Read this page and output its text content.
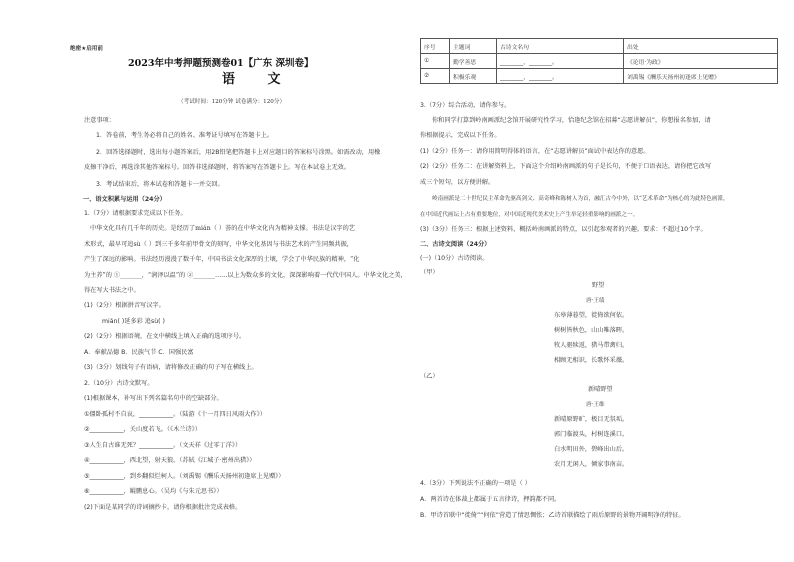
绝密★启用前
2023年中考押题预测卷01【广东 深圳卷】
语 文
（考试时间：120分钟 试卷满分：120分）
注意事项：
1．答卷前，考生务必将自己的姓名、准考证号填写在答题卡上。
2．回答选择题时，选出每小题答案后，用2B铅笔把答题卡上对应题目的答案标号涂黑。如需改动，用橡
皮擦干净后，再选涂其他答案标号。回答非选择题时，将答案写在答题卡上。写在本试卷上无效。
3．考试结束后，将本试卷和答题卡一并交回。
一、语文积累与运用（24分）
1.（7分）请根据要求完成以下任务。
中华文化具有几千年的历史。是经历了mián（ ）荟的在中华文化内为精神支撑。书法是汉字的艺
术形式，最早可追sù（ ）到三千多年前甲骨文的刻写，中华文化基因与书法艺术的产生同频共振，
产生了深远的影响。书法经历漫漫了数千年，中国书法文化深厚的土壤，学会了中华民族的精神，“化
为主养”的 ①_______，“润泽以温”的 ②_______……以上为数众多的文化，深深影响着一代代中国人。中华文化之美，
得在写大书法之中。
(1)（2分）根据拼音写汉字。
mián( )延多彩 追sù( )
(2)（2分）根据语境，在文中横线上填入正确的选项序号。
A．奉献品德 B．民族气节 C．国强民富
(3)（3分）划线句子有语病，请将修改正确的句子写在横线上。
2.（10分）古诗文默写。
(1)根据课本，补写出下列名篇名句中的空缺部分。
①僵卧孤村不自哀，___________。（陆游《十一月四日风雨大作》）
②___________，关山度若飞。（《木兰诗》）
③人生自古谁无死？___________。（文天祥《过零丁洋》）
④___________，西北望，射天狼。（苏轼《江城子·密州出猎》）
⑤___________，到乡翻似烂柯人。（刘禹锡《酬乐天扬州初逢席上见赠》）
⑥___________，鲲鹏息心。（吴均《与朱元思书》）
(2)下面是某同学的诗词摘抄卡，请你根据批注完成表格。
序号	主题词	古诗文名句	出处
①	勤学善思	________，________。	《论语·为政》
②	积极乐观	________，________。	刘禹锡《酬乐天扬州初逢席上见赠》
3.（7分）综合活动，请你参与。
你和同学打算到岭南画派纪念馆开展研究性学习，恰逢纪念馆在招募“志愿讲解员”，你想报名参加，请
你根据提示，完成以下任务。
(1)（2分）任务一：请你用简明得体的语言，在“志愿讲解员”面试中表达你的意愿。
(2)（2分）任务二：在讲解资料上，下面这个介绍岭南画派的句子是长句，不便于口语表达，请你把它改写
成三个短句，以方便讲解。
岭南画派是二十世纪民主革命先驱高剑父、高奇峰和陈树人为首，融汇古今中外，以“艺术革命”为核心的为此特色画派，
在中国近代画坛上占有重要地位，对中国近现代美术史上产生举足轻重影响的画派之一。
(3)（3分）任务三：根据上述资料，概括岭南画派的特点，以引起参观者的兴趣。要求：不超过10个字。
二、古诗文阅读（24分）
(一)（10分）古诗阅读。
（甲）
野望
唐·王绩
东皋薄暮望，徙倚欲何依。
树树皆秋色，山山唯落晖。
牧人驱犊返，猎马带禽归。
相顾无相识，长歌怀采薇。
（乙）
新晴野望
唐·王维
新晴原野旷，极目无氛垢。
郭门临渡头，村树连溪口。
白水明田外，碧峰出山后。
农月无闲人，倾家事南亩。
4.（3分）下列说法不正确的一项是（ ）
A．两首诗在体裁上都属于五言律诗，押韵都不同。
B．甲诗首联中“徙倚”“何依”营造了情思惆怅；乙诗首联描绘了雨后原野的景物开阔明净的特征。
